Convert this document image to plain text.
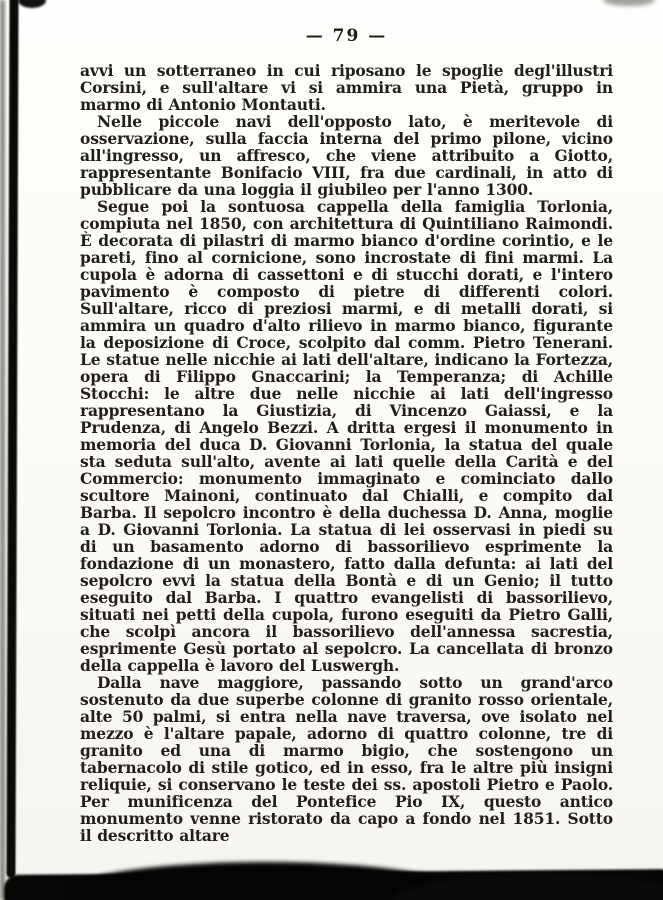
— 79 —

avvi un sotterraneo in cui riposano le spoglie degl'illustri Corsini, e sull'altare vi si ammira una Pietà, gruppo in marmo di Antonio Montauti.

Nelle piccole navi dell'opposto lato, è meritevole di osservazione, sulla faccia interna del primo pilone, vicino all'ingresso, un affresco, che viene attribuito a Giotto, rappresentante Bonifacio VIII, fra due cardinali, in atto di pubblicare da una loggia il giubileo per l'anno 1300.

Segue poi la sontuosa cappella della famiglia Torlonia, compiuta nel 1850, con architettura di Quintiliano Raimondi. È decorata di pilastri di marmo bianco d'ordine corintio, e le pareti, fino al cornicione, sono incrostate di fini marmi. La cupola è adorna di cassettoni e di stucchi dorati, e l'intero pavimento è composto di pietre di differenti colori. Sull'altare, ricco di preziosi marmi, e di metalli dorati, si ammira un quadro d'alto rilievo in marmo bianco, figurante la deposizione di Croce, scolpito dal comm. Pietro Tenerani. Le statue nelle nicchie ai lati dell'altare, indicano la Fortezza, opera di Filippo Gnaccarini; la Temperanza; di Achille Stocchi: le altre due nelle nicchie ai lati dell'ingresso rappresentano la Giustizia, di Vincenzo Gaiassi, e la Prudenza, di Angelo Bezzi. A dritta ergesi il monumento in memoria del duca D. Giovanni Torlonia, la statua del quale sta seduta sull'alto, avente ai lati quelle della Carità e del Commercio: monumento immaginato e cominciato dallo scultore Mainoni, continuato dal Chialli, e compito dal Barba. Il sepolcro incontro è della duchessa D. Anna, moglie a D. Giovanni Torlonia. La statua di lei osservasi in piedi su di un basamento adorno di bassorilievo esprimente la fondazione di un monastero, fatto dalla defunta: ai lati del sepolcro evvi la statua della Bontà e di un Genio; il tutto eseguito dal Barba. I quattro evangelisti di bassorilievo, situati nei petti della cupola, furono eseguiti da Pietro Galli, che scolpì ancora il bassorilievo dell'annessa sacrestia, esprimente Gesù portato al sepolcro. La cancellata di bronzo della cappella è lavoro del Luswergh.

Dalla nave maggiore, passando sotto un grand'arco sostenuto da due superbe colonne di granito rosso orientale, alte 50 palmi, si entra nella nave traversa, ove isolato nel mezzo è l'altare papale, adorno di quattro colonne, tre di granito ed una di marmo bigio, che sostengono un tabernacolo di stile gotico, ed in esso, fra le altre più insigni reliquie, si conservano le teste dei ss. apostoli Pietro e Paolo. Per munificenza del Pontefice Pio IX, questo antico monumento venne ristorato da capo a fondo nel 1851. Sotto il descritto altare
